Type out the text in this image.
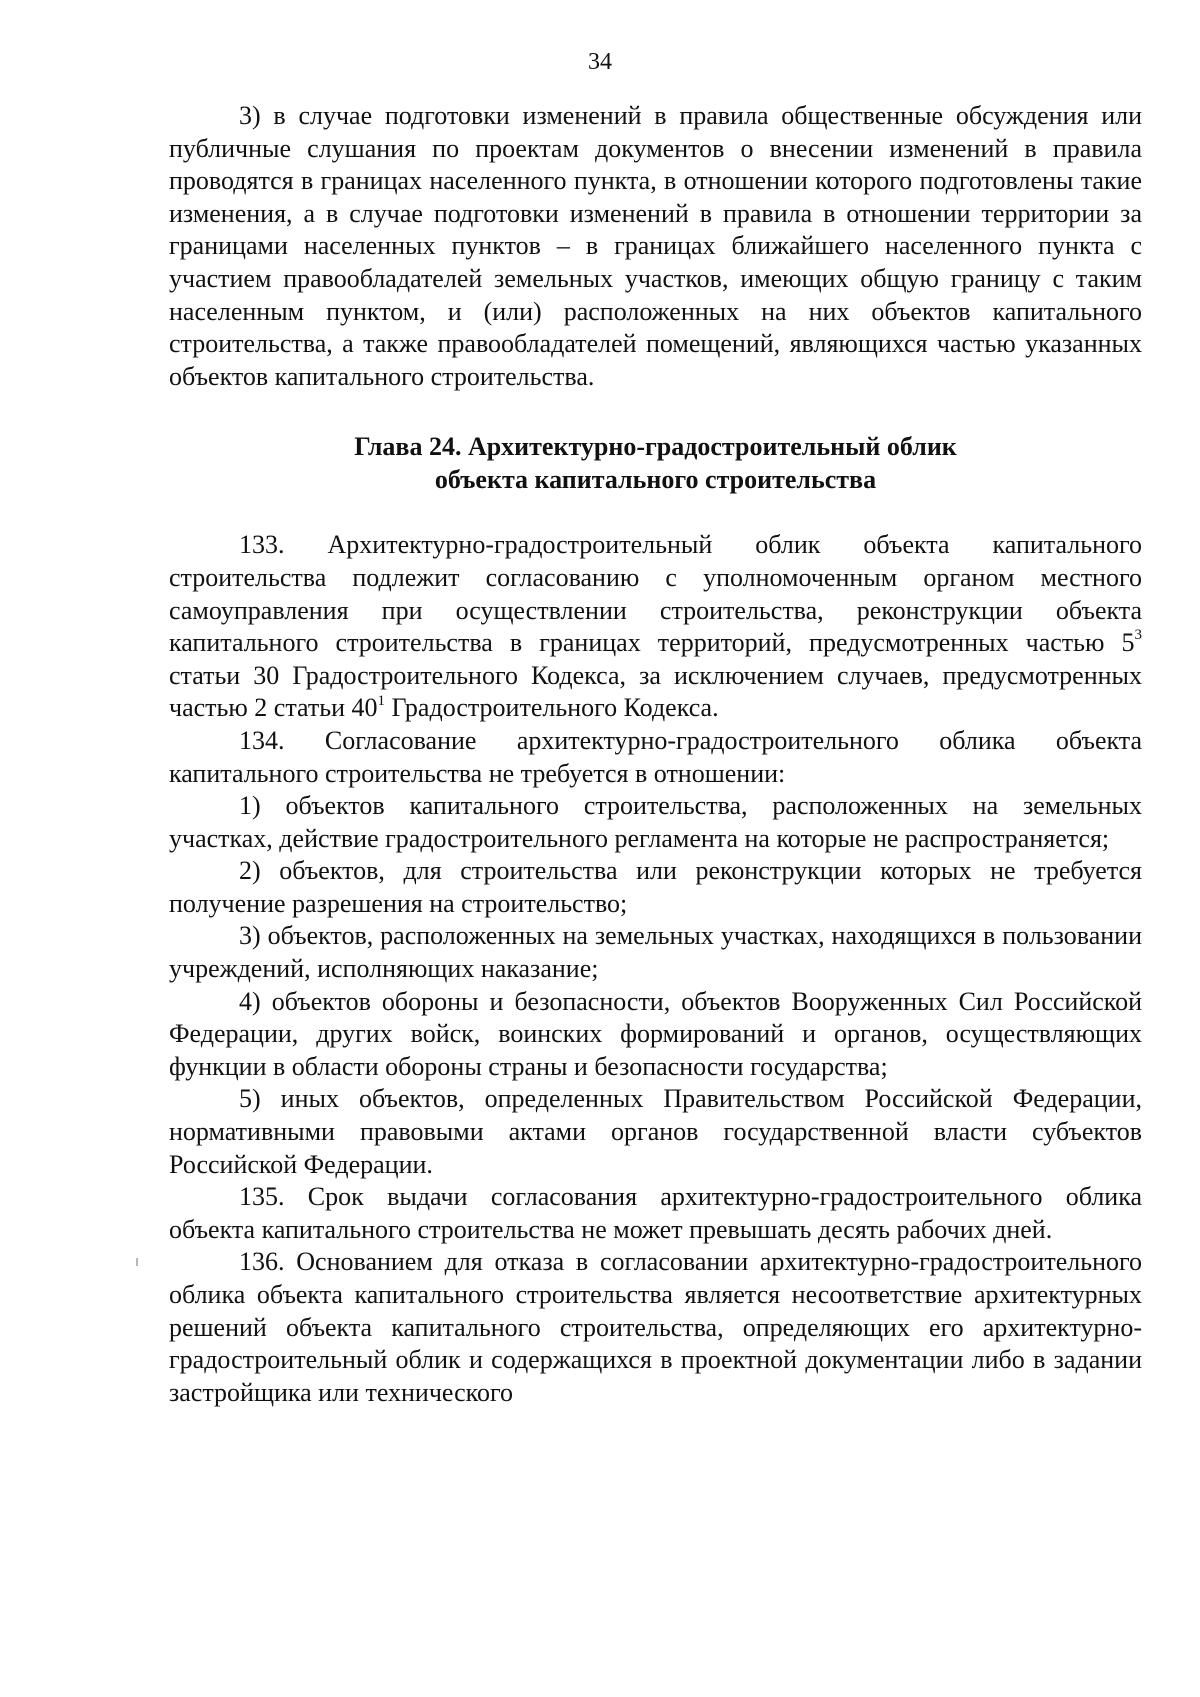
34

3) в случае подготовки изменений в правила общественные обсуждения или публичные слушания по проектам документов о внесении изменений в правила проводятся в границах населенного пункта, в отношении которого подготовлены такие изменения, а в случае подготовки изменений в правила в отношении территории за границами населенных пунктов – в границах ближайшего населенного пункта с участием правообладателей земельных участков, имеющих общую границу с таким населенным пунктом, и (или) расположенных на них объектов капитального строительства, а также правообладателей помещений, являющихся частью указанных объектов капитального строительства.

Глава 24. Архитектурно-градостроительный облик
объекта капитального строительства

133. Архитектурно-градостроительный облик объекта капитального строительства подлежит согласованию с уполномоченным органом местного самоуправления при осуществлении строительства, реконструкции объекта капитального строительства в границах территорий, предусмотренных частью $5^3$ статьи 30 Градостроительного Кодекса, за исключением случаев, предусмотренных частью 2 статьи $40^1$ Градостроительного Кодекса.

134. Согласование архитектурно-градостроительного облика объекта капитального строительства не требуется в отношении:

1) объектов капитального строительства, расположенных на земельных участках, действие градостроительного регламента на которые не распространяется;

2) объектов, для строительства или реконструкции которых не требуется получение разрешения на строительство;

3) объектов, расположенных на земельных участках, находящихся в пользовании учреждений, исполняющих наказание;

4) объектов обороны и безопасности, объектов Вооруженных Сил Российской Федерации, других войск, воинских формирований и органов, осуществляющих функции в области обороны страны и безопасности государства;

5) иных объектов, определенных Правительством Российской Федерации, нормативными правовыми актами органов государственной власти субъектов Российской Федерации.

135. Срок выдачи согласования архитектурно-градостроительного облика объекта капитального строительства не может превышать десять рабочих дней.

136. Основанием для отказа в согласовании архитектурно-градостроительного облика объекта капитального строительства является несоответствие архитектурных решений объекта капитального строительства, определяющих его архитектурно-градостроительный облик и содержащихся в проектной документации либо в задании застройщика или технического
